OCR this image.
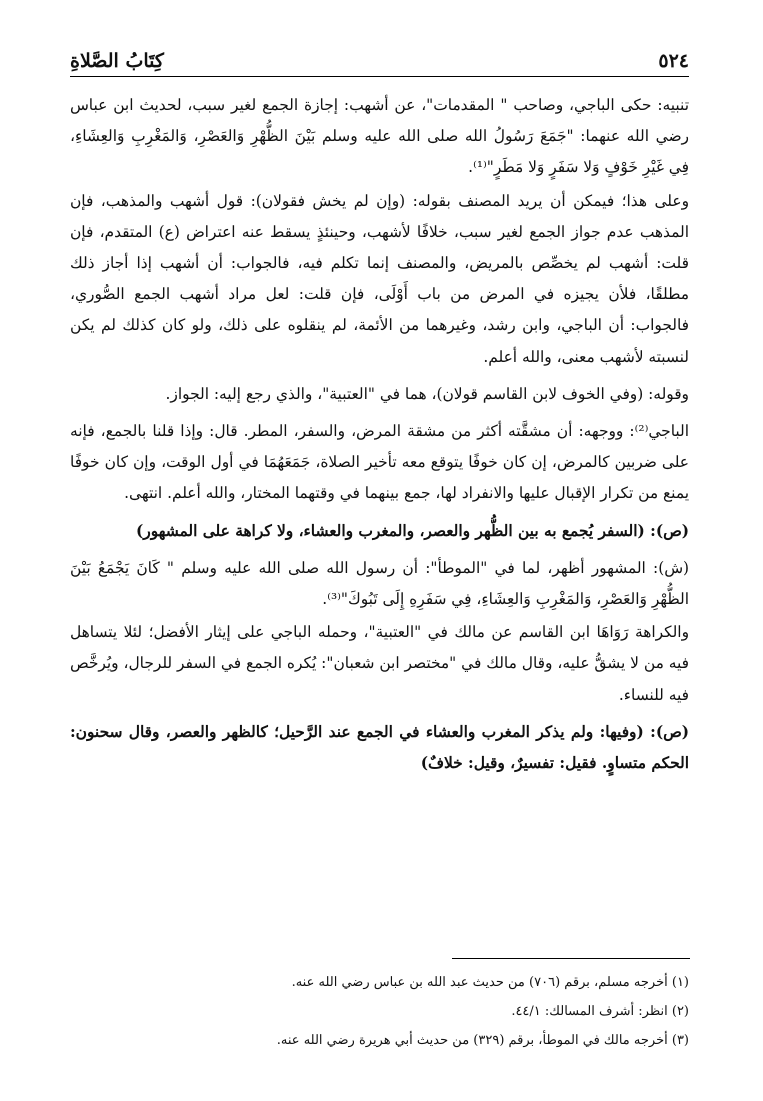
٥٢٤
كِتَابُ الصَّلاةِ

تنبيه: حكى الباجي، وصاحب " المقدمات"، عن أشهب: إجازة الجمع لغير سبب، لحديث ابن عباس رضي الله عنهما: "جَمَعَ رَسُولُ الله صلى الله عليه وسلم بَيْنَ الظُّهْرِ وَالعَصْرِ، وَالمَغْرِبِ وَالعِشَاءِ، فِي غَيْرِ خَوْفٍ وَلا سَفَرٍ وَلا مَطَرٍ"⁽¹⁾.

وعلى هذا؛ فيمكن أن يريد المصنف بقوله: (وإن لم يخش فقولان): قول أشهب والمذهب، فإن المذهب عدم جواز الجمع لغير سبب، خلافًا لأشهب، وحينئذٍ يسقط عنه اعتراض (ع) المتقدم، فإن قلت: أشهب لم يخصِّص بالمريض، والمصنف إنما تكلم فيه، فالجواب: أن أشهب إذا أجاز ذلك مطلقًا، فلأن يجيزه في المرض من باب أَوْلَى، فإن قلت: لعل مراد أشهب الجمع الصُّوري، فالجواب: أن الباجي، وابن رشد، وغيرهما من الأئمة، لم ينقلوه على ذلك، ولو كان كذلك لم يكن لنسبته لأشهب معنى، والله أعلم.

وقوله: (وفي الخوف لابن القاسم قولان)، هما في "العتبية"، والذي رجع إليه: الجواز.

الباجي⁽²⁾: ووجهه: أن مشقَّته أكثر من مشقة المرض، والسفر، المطر. قال: وإذا قلنا بالجمع، فإنه على ضربين كالمرض، إن كان خوفًا يتوقع معه تأخير الصلاة، جَمَعَهُمَا في أول الوقت، وإن كان خوفًا يمنع من تكرار الإقبال عليها والانفراد لها، جمع بينهما في وقتهما المختار، والله أعلم. انتهى.

(ص): (السفر يُجمع به بين الظُّهر والعصر، والمغرب والعشاء، ولا كراهة على المشهور)

(ش): المشهور أظهر، لما في "الموطأ": أن رسول الله صلى الله عليه وسلم " كَانَ يَجْمَعُ بَيْنَ الظُّهْرِ وَالعَصْرِ، وَالمَغْرِبِ وَالعِشَاءِ، فِي سَفَرِهِ إِلَى تَبُوكَ"⁽³⁾.

والكراهة رَوَاهَا ابن القاسم عن مالك في "العتبية"، وحمله الباجي على إيثار الأفضل؛ لئلا يتساهل فيه من لا يشقُّ عليه، وقال مالك في "مختصر ابن شعبان": يُكره الجمع في السفر للرجال، ويُرخَّص فيه للنساء.

(ص): (وفيها: ولم يذكر المغرب والعشاء في الجمع عند الرَّحيل؛ كالظهر والعصر، وقال سحنون: الحكم متساوٍ. فقيل: تفسيرٌ، وقيل: خلافٌ)

(١) أخرجه مسلم، برقم (٧٠٦) من حديث عبد الله بن عباس رضي الله عنه.
(٢) انظر: أشرف المسالك: ٤٤/١.
(٣) أخرجه مالك في الموطأ، برقم (٣٢٩) من حديث أبي هريرة رضي الله عنه.
